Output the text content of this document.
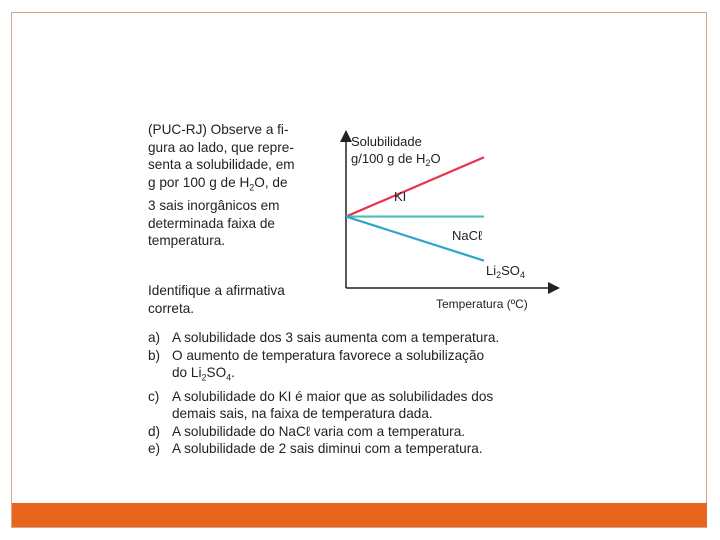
(PUC-RJ) Observe a fi-
gura ao lado, que repre-
senta a solubilidade, em
g por 100 g de $H_2O$, de
3 sais inorgânicos em
determinada faixa de
temperatura.
Identifique a afirmativa
correta.
a) A solubilidade dos 3 sais aumenta com a temperatura.
b) O aumento de temperatura favorece a solubilização
do $Li_2SO_4$.
c) A solubilidade do KI é maior que as solubilidades dos
demais sais, na faixa de temperatura dada.
d) A solubilidade do NaCℓ varia com a temperatura.
e) A solubilidade de 2 sais diminui com a temperatura.
Solubilidade
g/100 g de $H_2O$
KI
NaCℓ
$Li_2SO_4$
Temperatura (ºC)
